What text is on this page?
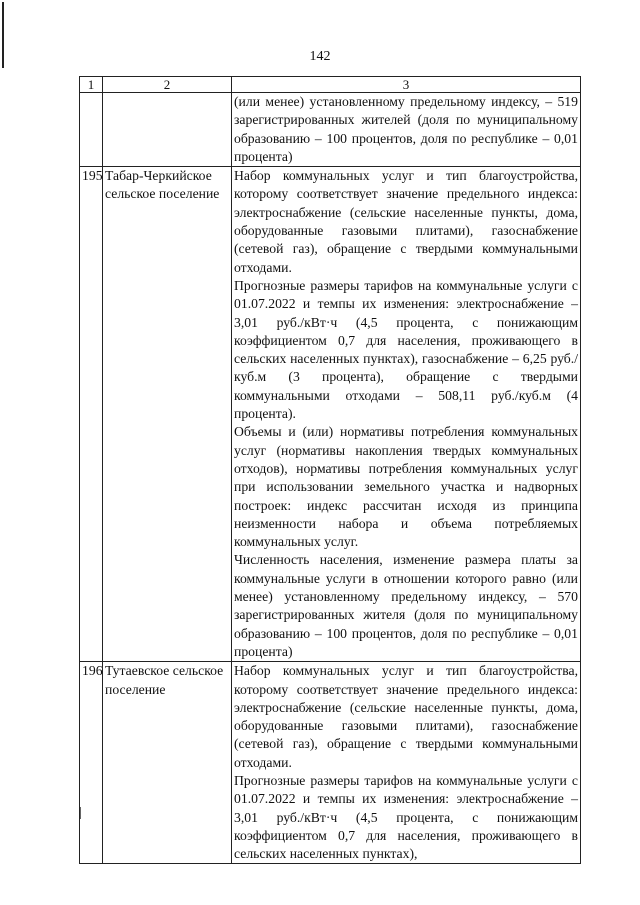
142
1	2	3

		(или менее) установленному предельному индексу, – 519 зарегистрированных жителей (доля по муниципальному образованию – 100 процентов, доля по республике – 0,01 процента)

195	Табар-Черкийское сельское поселение	Набор коммунальных услуг и тип благоустройства, которому соответствует значение предельного индекса: электроснабжение (сельские населенные пункты, дома, оборудованные газовыми плитами), газоснабжение (сетевой газ), обращение с твердыми коммунальными отходами.

Прогнозные размеры тарифов на коммунальные услуги с 01.07.2022 и темпы их изменения: электроснабжение – 3,01 руб./кВт·ч (4,5 процента, с понижающим коэффициентом 0,7 для населения, проживающего в сельских населенных пунктах), газоснабжение – 6,25 руб./куб.м (3 процента), обращение с твердыми коммунальными отходами – 508,11 руб./куб.м (4 процента).

Объемы и (или) нормативы потребления коммунальных услуг (нормативы накопления твердых коммунальных отходов), нормативы потребления коммунальных услуг при использовании земельного участка и надворных построек: индекс рассчитан исходя из принципа неизменности набора и объема потребляемых коммунальных услуг.

Численность населения, изменение размера платы за коммунальные услуги в отношении которого равно (или менее) установленному предельному индексу, – 570 зарегистрированных жителя (доля по муниципальному образованию – 100 процентов, доля по республике – 0,01 процента)

196	Тутаевское сельское поселение	Набор коммунальных услуг и тип благоустройства, которому соответствует значение предельного индекса: электроснабжение (сельские населенные пункты, дома, оборудованные газовыми плитами), газоснабжение (сетевой газ), обращение с твердыми коммунальными отходами.

Прогнозные размеры тарифов на коммунальные услуги с 01.07.2022 и темпы их изменения: электроснабжение – 3,01 руб./кВт·ч (4,5 процента, с понижающим коэффициентом 0,7 для населения, проживающего в сельских населенных пунктах),
